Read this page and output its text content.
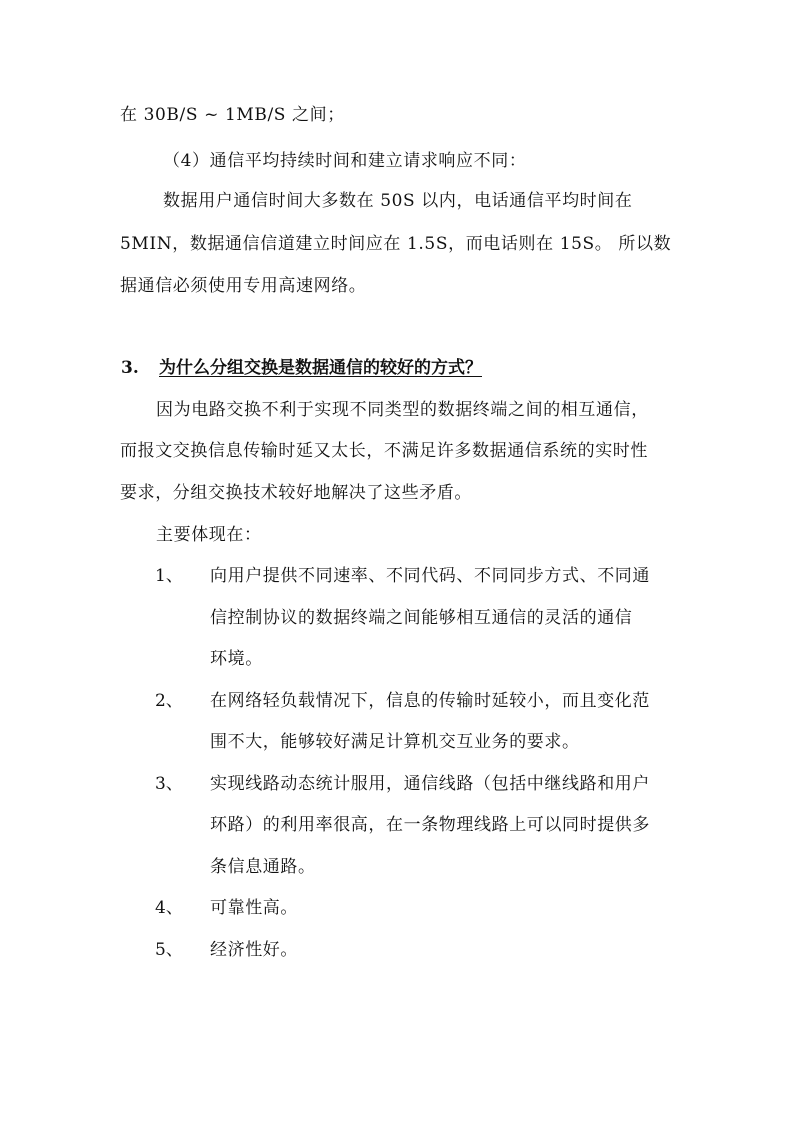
在 30B/S ~ 1MB/S 之间；
（4）通信平均持续时间和建立请求响应不同：
数据用户通信时间大多数在 50S 以内，电话通信平均时间在
5MIN，数据通信信道建立时间应在 1.5S，而电话则在 15S。 所以数
据通信必须使用专用高速网络。
3. 为什么分组交换是数据通信的较好的方式？
因为电路交换不利于实现不同类型的数据终端之间的相互通信，
而报文交换信息传输时延又太长，不满足许多数据通信系统的实时性
要求，分组交换技术较好地解决了这些矛盾。
主要体现在：
1、 向用户提供不同速率、不同代码、不同同步方式、不同通
信控制协议的数据终端之间能够相互通信的灵活的通信
环境。
2、 在网络轻负载情况下，信息的传输时延较小，而且变化范
围不大，能够较好满足计算机交互业务的要求。
3、 实现线路动态统计服用，通信线路（包括中继线路和用户
环路）的利用率很高，在一条物理线路上可以同时提供多
条信息通路。
4、 可靠性高。
5、 经济性好。
